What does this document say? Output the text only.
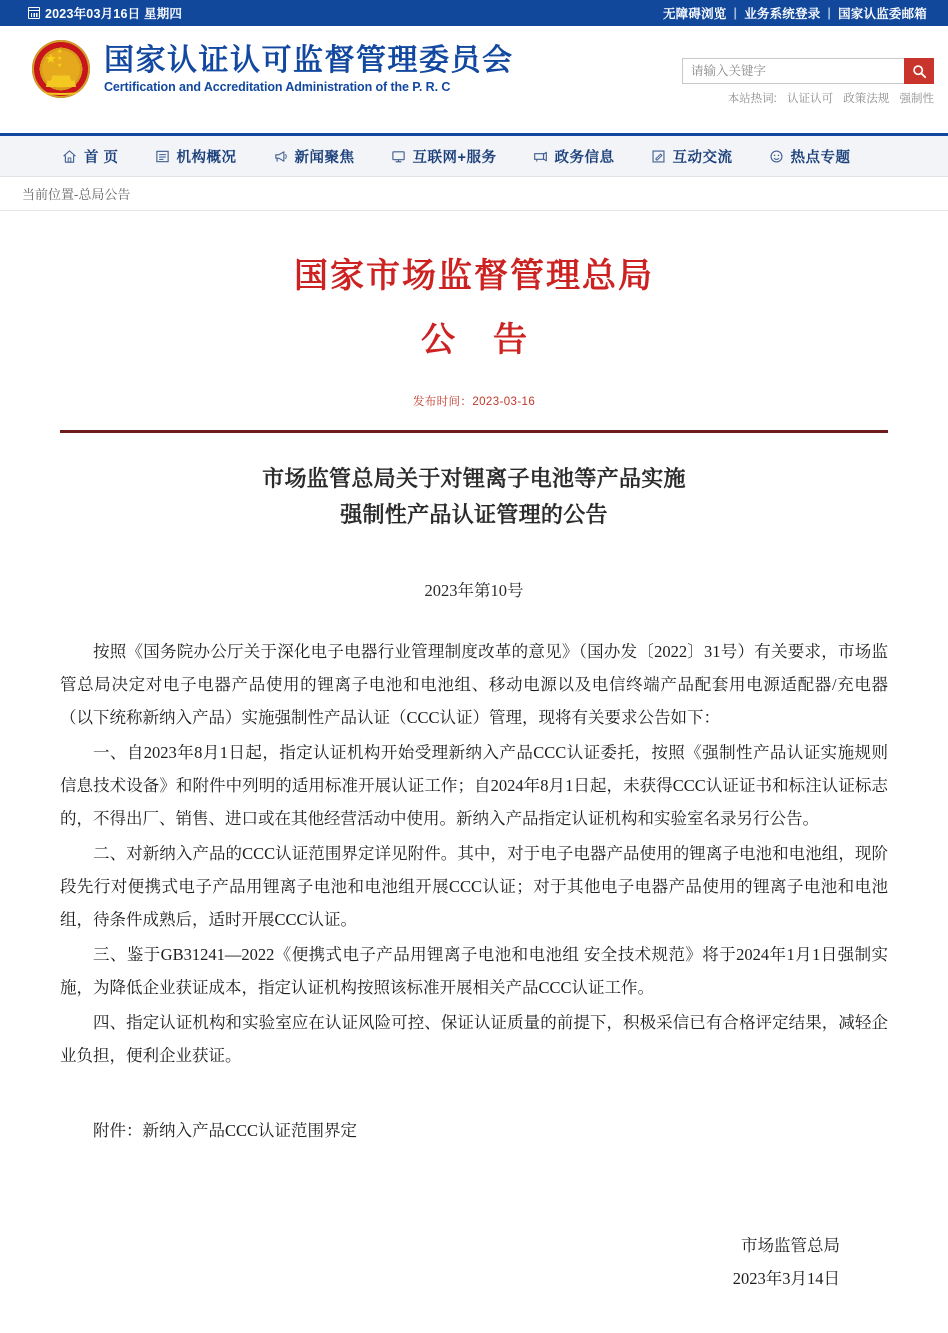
2023年03月16日 星期四	无障碍浏览 | 业务系统登录 | 国家认监委邮箱
★
★
★ 国家认证认可监督管理委员会
Certification and Accreditation Administration of the P. R. C
请输入关键字
本站热词: 认证认可 政策法规 强制性
首 页	机构概况	新闻聚焦	互联网+服务	政务信息	互动交流	热点专题
当前位置-总局公告
国家市场监督管理总局
公告
发布时间：2023-03-16
市场监管总局关于对锂离子电池等产品实施
强制性产品认证管理的公告
2023年第10号

按照《国务院办公厅关于深化电子电器行业管理制度改革的意见》（国办发〔2022〕31号）有关要求，市场监管总局决定对电子电器产品使用的锂离子电池和电池组、移动电源以及电信终端产品配套用电源适配器/充电器（以下统称新纳入产品）实施强制性产品认证（CCC认证）管理，现将有关要求公告如下：

一、自2023年8月1日起，指定认证机构开始受理新纳入产品CCC认证委托，按照《强制性产品认证实施规则 信息技术设备》和附件中列明的适用标准开展认证工作；自2024年8月1日起，未获得CCC认证证书和标注认证标志的，不得出厂、销售、进口或在其他经营活动中使用。新纳入产品指定认证机构和实验室名录另行公告。

二、对新纳入产品的CCC认证范围界定详见附件。其中，对于电子电器产品使用的锂离子电池和电池组，现阶段先行对便携式电子产品用锂离子电池和电池组开展CCC认证；对于其他电子电器产品使用的锂离子电池和电池组，待条件成熟后，适时开展CCC认证。

三、鉴于GB31241—2022《便携式电子产品用锂离子电池和电池组 安全技术规范》将于2024年1月1日强制实施，为降低企业获证成本，指定认证机构按照该标准开展相关产品CCC认证工作。

四、指定认证机构和实验室应在认证风险可控、保证认证质量的前提下，积极采信已有合格评定结果，减轻企业负担，便利企业获证。

附件：新纳入产品CCC认证范围界定
市场监管总局
2023年3月14日
